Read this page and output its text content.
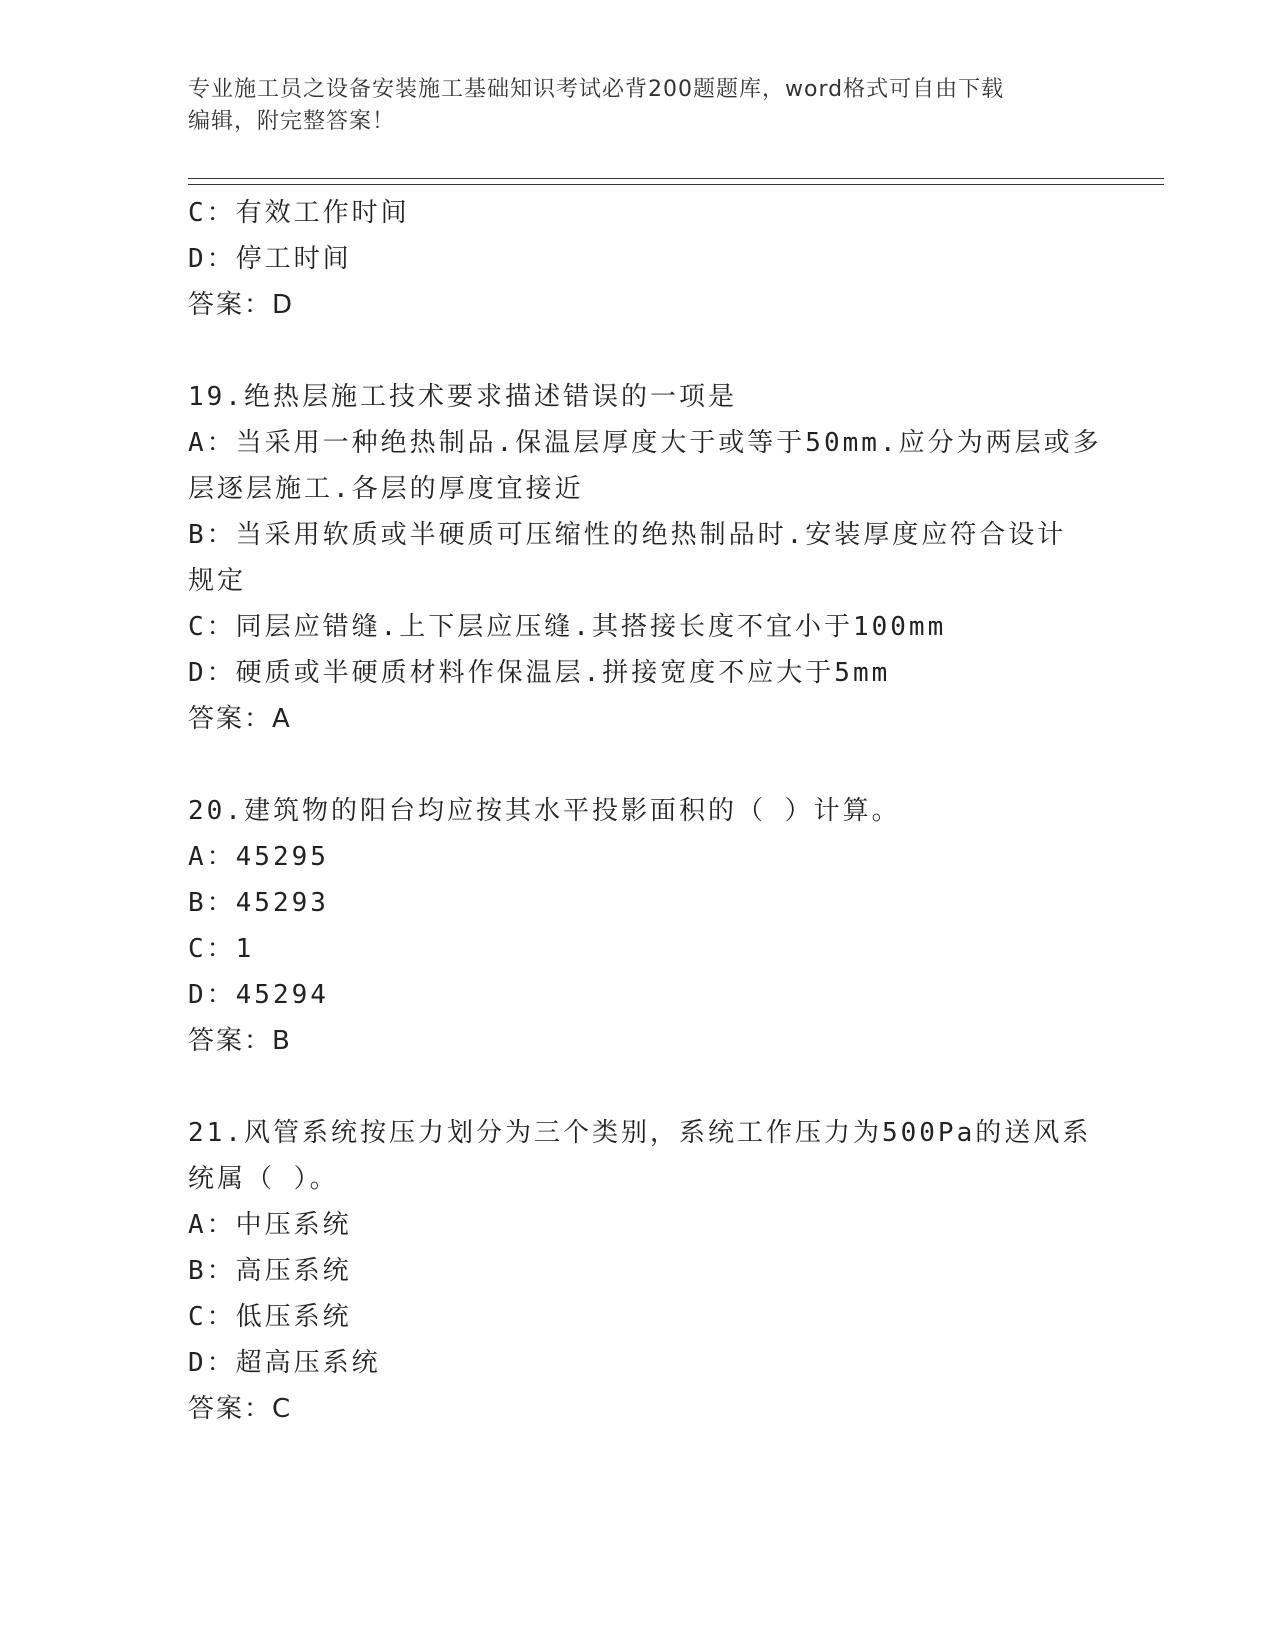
专业施工员之设备安装施工基础知识考试必背200题题库，word格式可自由下载
编辑，附完整答案！
C：有效工作时间
D：停工时间
答案：D
19.绝热层施工技术要求描述错误的一项是
A：当采用一种绝热制品.保温层厚度大于或等于50mm.应分为两层或多
层逐层施工.各层的厚度宜接近
B：当采用软质或半硬质可压缩性的绝热制品时.安装厚度应符合设计
规定
C：同层应错缝.上下层应压缝.其搭接长度不宜小于100mm
D：硬质或半硬质材料作保温层.拼接宽度不应大于5mm
答案：A
20.建筑物的阳台均应按其水平投影面积的（ ）计算。
A：45295
B：45293
C：1
D：45294
答案：B
21.风管系统按压力划分为三个类别，系统工作压力为500Pa的送风系
统属（ ）。
A：中压系统
B：高压系统
C：低压系统
D：超高压系统
答案：C
